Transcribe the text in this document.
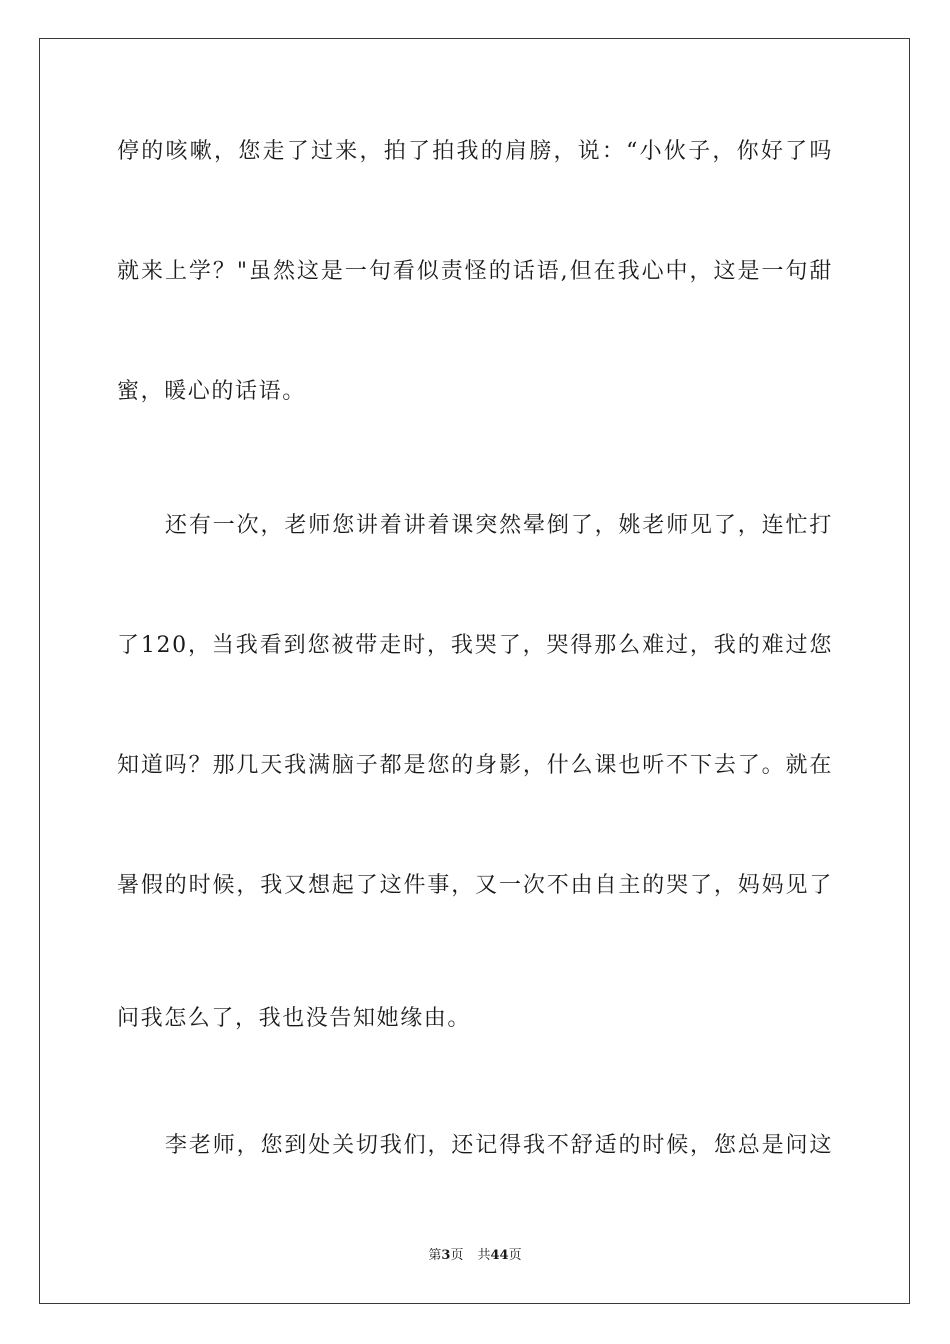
停的咳嗽，您走了过来，拍了拍我的肩膀，说：“小伙子，你好了吗
就来上学？"虽然这是一句看似责怪的话语,但在我心中，这是一句甜
蜜，暖心的话语。
还有一次，老师您讲着讲着课突然晕倒了，姚老师见了，连忙打
了120，当我看到您被带走时，我哭了，哭得那么难过，我的难过您
知道吗？那几天我满脑子都是您的身影，什么课也听不下去了。就在
暑假的时候，我又想起了这件事，又一次不由自主的哭了，妈妈见了
问我怎么了，我也没告知她缘由。
李老师，您到处关切我们，还记得我不舒适的时候，您总是问这
第3页 共44页
